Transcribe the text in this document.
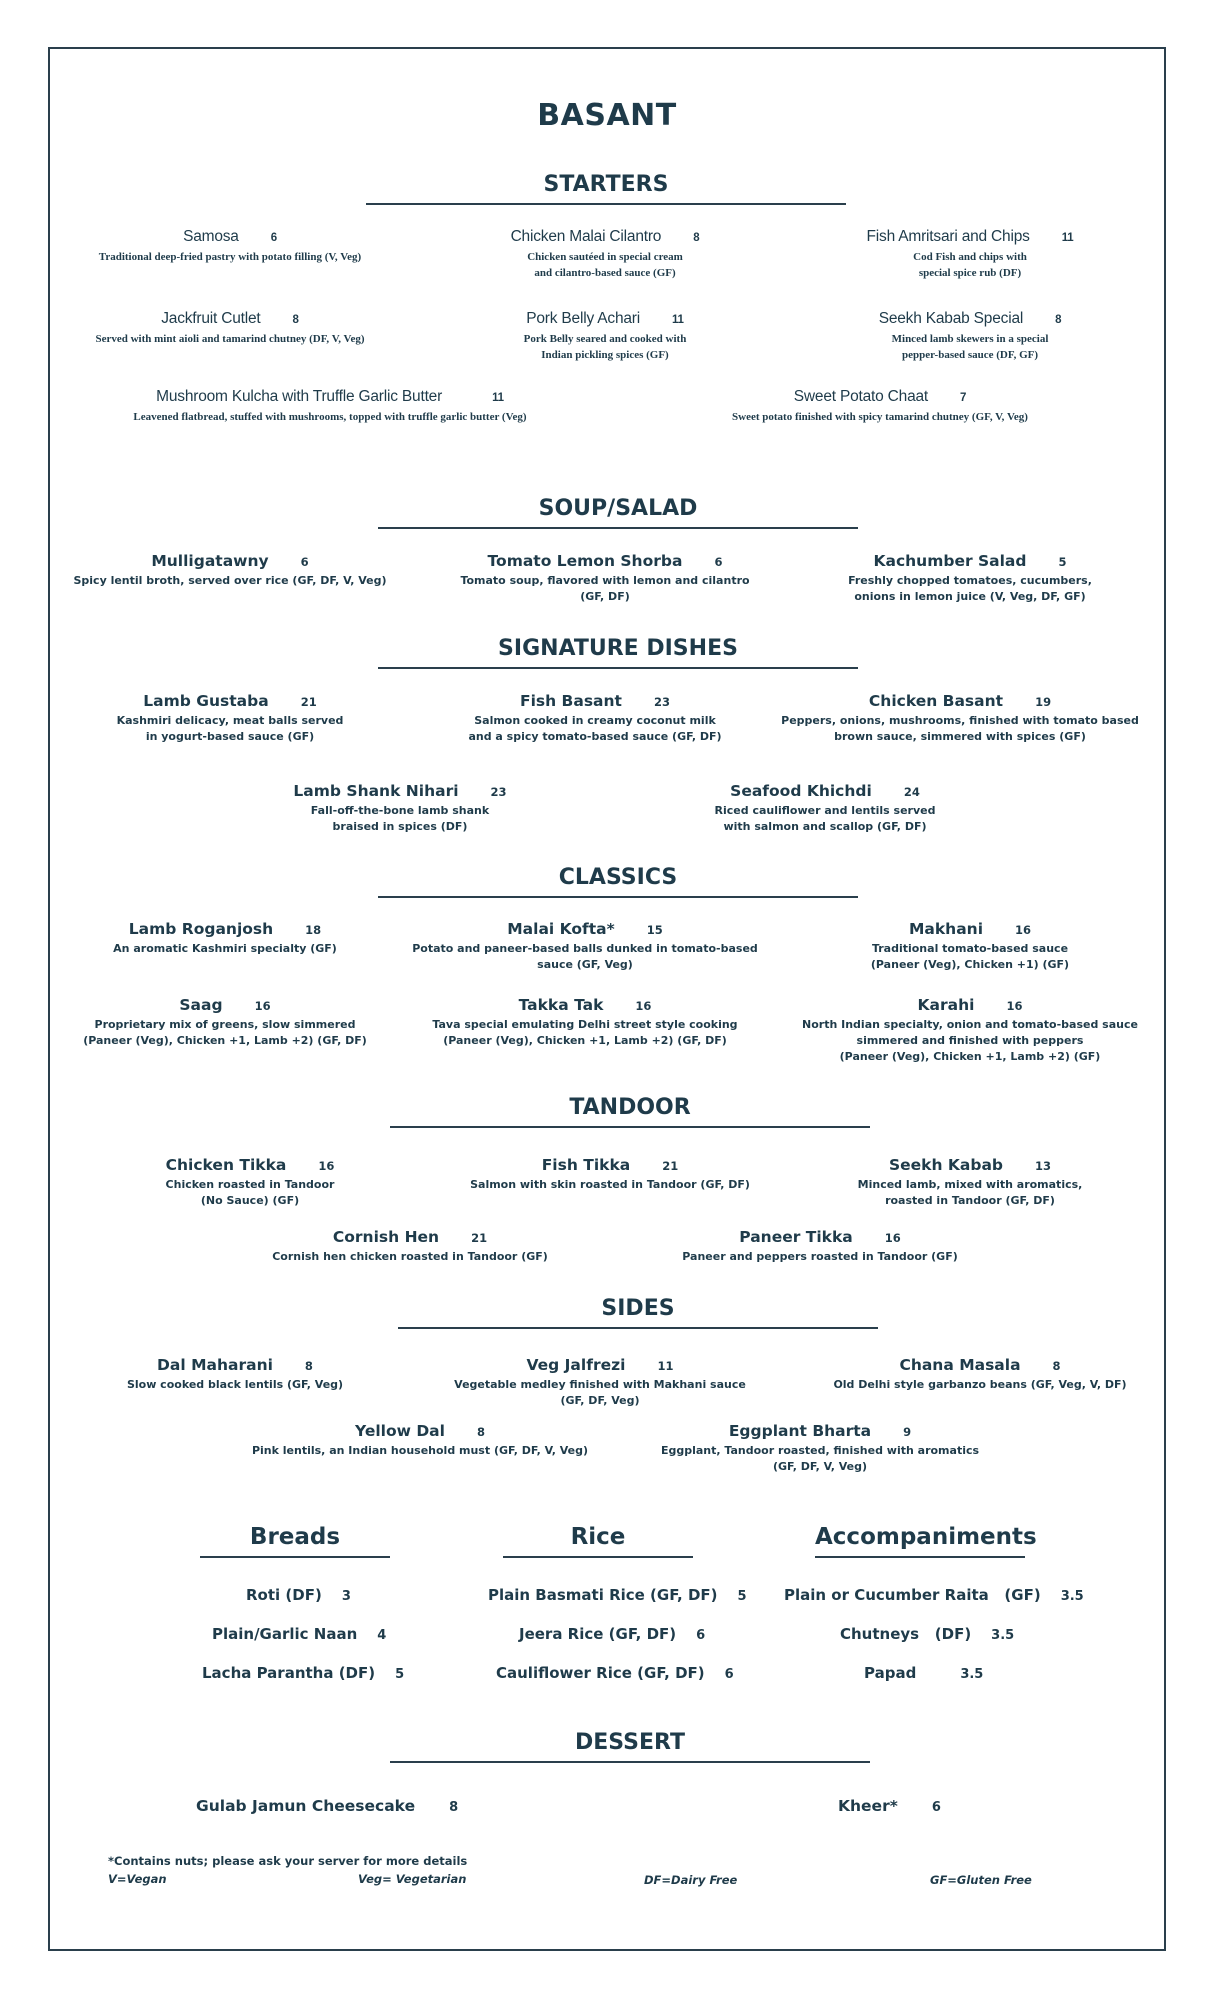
BASANT
STARTERS
Samosa	6
Traditional deep-fried pastry with potato filling (V, Veg)
Chicken Malai Cilantro	8
Chicken sautéed in special cream
and cilantro-based sauce (GF)
Fish Amritsari and Chips	11
Cod Fish and chips with
special spice rub (DF)
Jackfruit Cutlet	8
Served with mint aioli and tamarind chutney (DF, V, Veg)
Pork Belly Achari	11
Pork Belly seared and cooked with
Indian pickling spices (GF)
Seekh Kabab Special	8
Minced lamb skewers in a special
pepper-based sauce (DF, GF)
Mushroom Kulcha with Truffle Garlic Butter	11
Leavened flatbread, stuffed with mushrooms, topped with truffle garlic butter (Veg)
Sweet Potato Chaat	7
Sweet potato finished with spicy tamarind chutney (GF, V, Veg)
SOUP/SALAD
Mulligatawny	6
Spicy lentil broth, served over rice (GF, DF, V, Veg)
Tomato Lemon Shorba	6
Tomato soup, flavored with lemon and cilantro
(GF, DF)
Kachumber Salad	5
Freshly chopped tomatoes, cucumbers,
onions in lemon juice (V, Veg, DF, GF)
SIGNATURE DISHES
Lamb Gustaba	21
Kashmiri delicacy, meat balls served
in yogurt-based sauce (GF)
Fish Basant	23
Salmon cooked in creamy coconut milk
and a spicy tomato-based sauce (GF, DF)
Chicken Basant	19
Peppers, onions, mushrooms, finished with tomato based
brown sauce, simmered with spices (GF)
Lamb Shank Nihari	23
Fall-off-the-bone lamb shank
braised in spices (DF)
Seafood Khichdi	24
Riced cauliflower and lentils served
with salmon and scallop (GF, DF)
CLASSICS
Lamb Roganjosh	18
An aromatic Kashmiri specialty (GF)
Malai Kofta*	15
Potato and paneer-based balls dunked in tomato-based
sauce (GF, Veg)
Makhani	16
Traditional tomato-based sauce
(Paneer (Veg), Chicken +1) (GF)
Saag	16
Proprietary mix of greens, slow simmered
(Paneer (Veg), Chicken +1, Lamb +2) (GF, DF)
Takka Tak	16
Tava special emulating Delhi street style cooking
(Paneer (Veg), Chicken +1, Lamb +2) (GF, DF)
Karahi	16
North Indian specialty, onion and tomato-based sauce
simmered and finished with peppers
(Paneer (Veg), Chicken +1, Lamb +2) (GF)
TANDOOR
Chicken Tikka	16
Chicken roasted in Tandoor
(No Sauce) (GF)
Fish Tikka	21
Salmon with skin roasted in Tandoor (GF, DF)
Seekh Kabab	13
Minced lamb, mixed with aromatics,
roasted in Tandoor (GF, DF)
Cornish Hen	21
Cornish hen chicken roasted in Tandoor (GF)
Paneer Tikka	16
Paneer and peppers roasted in Tandoor (GF)
SIDES
Dal Maharani	8
Slow cooked black lentils (GF, Veg)
Veg Jalfrezi	11
Vegetable medley finished with Makhani sauce
(GF, DF, Veg)
Chana Masala	8
Old Delhi style garbanzo beans (GF, Veg, V, DF)
Yellow Dal	8
Pink lentils, an Indian household must (GF, DF, V, Veg)
Eggplant Bharta	9
Eggplant, Tandoor roasted, finished with aromatics
(GF, DF, V, Veg)
Breads	Rice	Accompaniments
Roti (DF) 3
Plain/Garlic Naan 4
Lacha Parantha (DF) 5
Plain Basmati Rice (GF, DF) 5
Jeera Rice (GF, DF) 6
Cauliflower Rice (GF, DF) 6
Plain or Cucumber Raita   (GF) 3.5
Chutneys   (DF) 3.5
Papad	3.5
DESSERT
Gulab Jamun Cheesecake	8	Kheer*	6
*Contains nuts; please ask your server for more details
V=Vegan	Veg= Vegetarian	DF=Dairy Free	GF=Gluten Free
